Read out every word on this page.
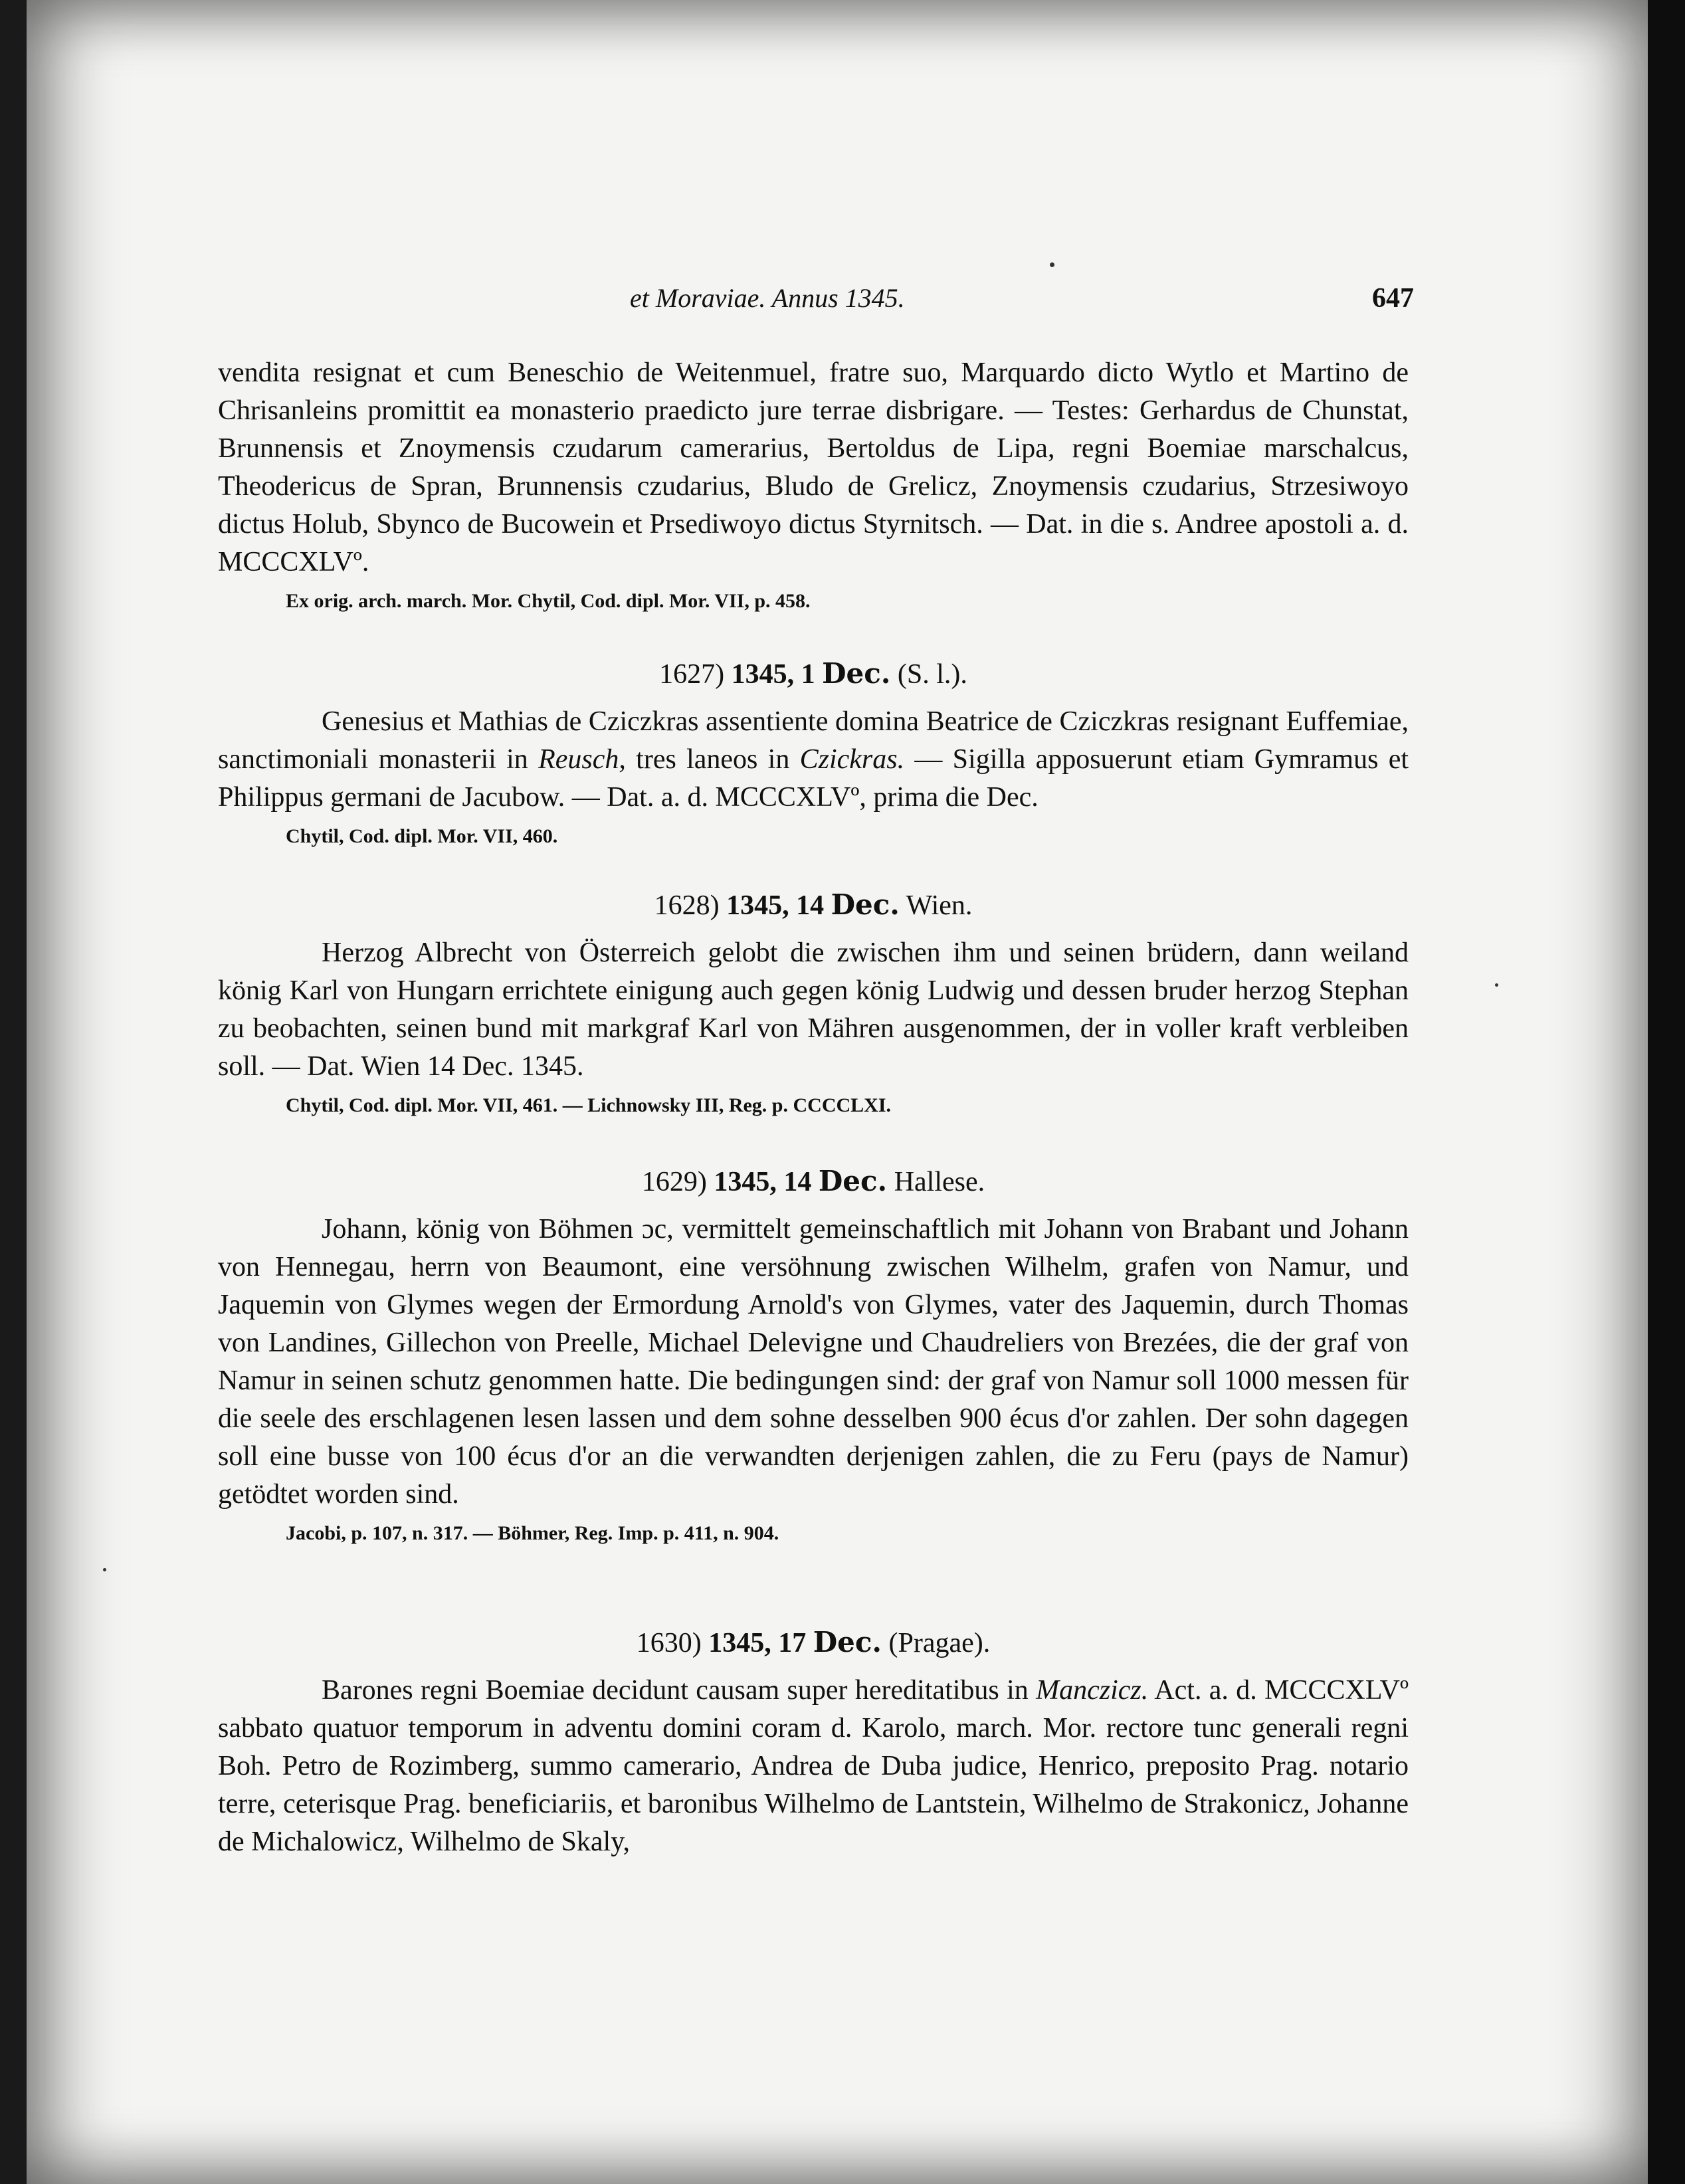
et Moraviae. Annus 1345.	647

vendita resignat et cum Beneschio de Weitenmuel, fratre suo, Marquardo dicto Wytlo et Martino de Chrisanleins promittit ea monasterio praedicto jure terrae disbrigare. — Testes: Gerhardus de Chunstat, Brunnensis et Znoymensis czudarum camerarius, Bertoldus de Lipa, regni Boemiae marschalcus, Theodericus de Spran, Brunnensis czudarius, Bludo de Grelicz, Znoymensis czudarius, Strzesiwoyo dictus Holub, Sbynco de Bucowein et Prsediwoyo dictus Styrnitsch. — Dat. in die s. Andree apostoli a. d. MCCCXLVº.

Ex orig. arch. march. Mor. Chytil, Cod. dipl. Mor. VII, p. 458.

1627) 1345, 1 Dec. (S. l.).

Genesius et Mathias de Cziczkras assentiente domina Beatrice de Cziczkras resignant Euffemiae, sanctimoniali monasterii in Reusch, tres laneos in Czickras. — Sigilla apposuerunt etiam Gymramus et Philippus germani de Jacubow. — Dat. a. d. MCCCXLVº, prima die Dec.

Chytil, Cod. dipl. Mor. VII, 460.

1628) 1345, 14 Dec. Wien.

Herzog Albrecht von Österreich gelobt die zwischen ihm und seinen brüdern, dann weiland könig Karl von Hungarn errichtete einigung auch gegen könig Ludwig und dessen bruder herzog Stephan zu beobachten, seinen bund mit markgraf Karl von Mähren ausgenommen, der in voller kraft verbleiben soll. — Dat. Wien 14 Dec. 1345.

Chytil, Cod. dipl. Mor. VII, 461. — Lichnowsky III, Reg. p. CCCCLXI.

1629) 1345, 14 Dec. Hallese.

Johann, könig von Böhmen ɔc, vermittelt gemeinschaftlich mit Johann von Brabant und Johann von Hennegau, herrn von Beaumont, eine versöhnung zwischen Wilhelm, grafen von Namur, und Jaquemin von Glymes wegen der Ermordung Arnold's von Glymes, vater des Jaquemin, durch Thomas von Landines, Gillechon von Preelle, Michael Delevigne und Chaudreliers von Brezées, die der graf von Namur in seinen schutz genommen hatte. Die bedingungen sind: der graf von Namur soll 1000 messen für die seele des erschlagenen lesen lassen und dem sohne desselben 900 écus d'or zahlen. Der sohn dagegen soll eine busse von 100 écus d'or an die verwandten derjenigen zahlen, die zu Feru (pays de Namur) getödtet worden sind.

Jacobi, p. 107, n. 317. — Böhmer, Reg. Imp. p. 411, n. 904.

1630) 1345, 17 Dec. (Pragae).

Barones regni Boemiae decidunt causam super hereditatibus in Manczicz. Act. a. d. MCCCXLVº sabbato quatuor temporum in adventu domini coram d. Karolo, march. Mor. rectore tunc generali regni Boh. Petro de Rozimberg, summo camerario, Andrea de Duba judice, Henrico, preposito Prag. notario terre, ceterisque Prag. beneficiariis, et baronibus Wilhelmo de Lantstein, Wilhelmo de Strakonicz, Johanne de Michalowicz, Wilhelmo de Skaly,
